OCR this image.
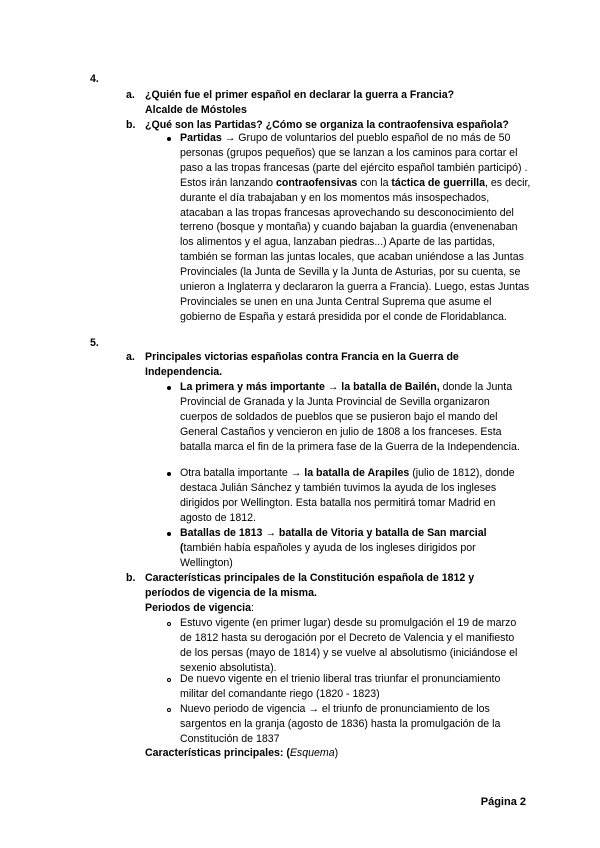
4.
a. ¿Quién fue el primer español en declarar la guerra a Francia?
Alcalde de Móstoles
b. ¿Qué son las Partidas? ¿Cómo se organiza la contraofensiva española?
Partidas → Grupo de voluntarios del pueblo español de no más de 50 personas (grupos pequeños) que se lanzan a los caminos para cortar el paso a las tropas francesas (parte del ejército español también participó) . Estos irán lanzando contraofensivas con la táctica de guerrilla, es decir, durante el día trabajaban y en los momentos más insospechados, atacaban a las tropas francesas aprovechando su desconocimiento del terreno (bosque y montaña) y cuando bajaban la guardia (envenenaban los alimentos y el agua, lanzaban piedras...) Aparte de las partidas, también se forman las juntas locales, que acaban uniéndose a las Juntas Provinciales (la Junta de Sevilla y la Junta de Asturias, por su cuenta, se unieron a Inglaterra y declararon la guerra a Francia). Luego, estas Juntas Provinciales se unen en una Junta Central Suprema que asume el gobierno de España y estará presidida por el conde de Floridablanca.
5.
a. Principales victorias españolas contra Francia en la Guerra de Independencia.
La primera y más importante → la batalla de Bailén, donde la Junta Provincial de Granada y la Junta Provincial de Sevilla organizaron cuerpos de soldados de pueblos que se pusieron bajo el mando del General Castaños y vencieron en julio de 1808 a los franceses. Esta batalla marca el fin de la primera fase de la Guerra de la Independencia.
Otra batalla importante → la batalla de Arapiles (julio de 1812), donde destaca Julián Sánchez y también tuvimos la ayuda de los ingleses dirigidos por Wellington. Esta batalla nos permitirá tomar Madrid en agosto de 1812.
Batallas de 1813 → batalla de Vitoria y batalla de San marcial (también había españoles y ayuda de los ingleses dirigidos por Wellington)
b. Características principales de la Constitución española de 1812 y períodos de vigencia de la misma.
Periodos de vigencia:
Estuvo vigente (en primer lugar) desde su promulgación el 19 de marzo de 1812 hasta su derogación por el Decreto de Valencia y el manifiesto de los persas (mayo de 1814) y se vuelve al absolutismo (iniciándose el sexenio absolutista).
De nuevo vigente en el trienio liberal tras triunfar el pronunciamiento militar del comandante riego (1820 - 1823)
Nuevo periodo de vigencia → el triunfo de pronunciamiento de los sargentos en la granja (agosto de 1836) hasta la promulgación de la Constitución de 1837
Características principales: (Esquema)
Página 2
